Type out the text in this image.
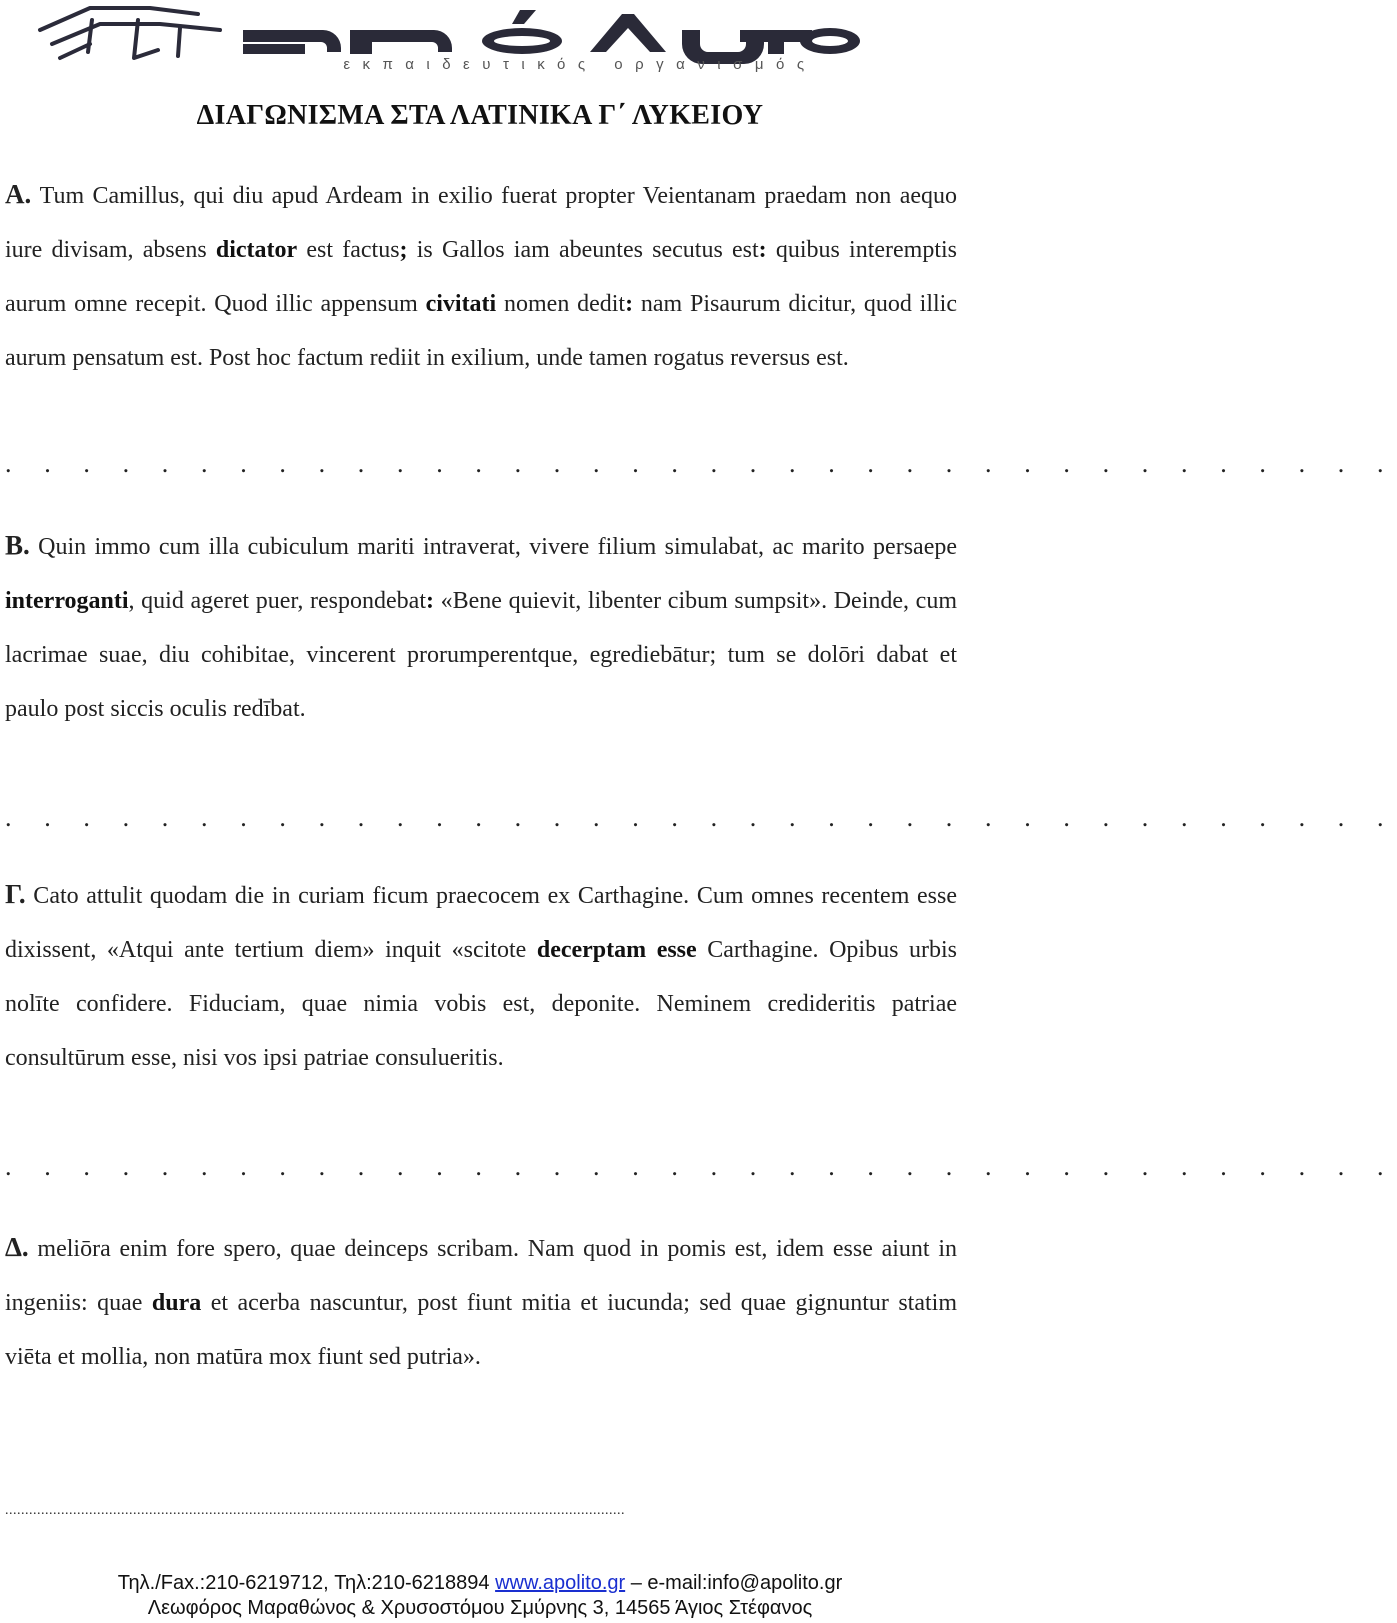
εκπαιδευτικός οργανισμός
ΔΙΑΓΩΝΙΣΜΑ ΣΤΑ ΛΑΤΙΝΙΚΑ Γ΄ ΛΥΚΕΙΟΥ

Α. Tum Camillus, qui diu apud Ardeam in exilio fuerat propter Veientanam praedam non aequo iure divisam, absens dictator est factus; is Gallos iam abeuntes secutus est: quibus interemptis aurum omne recepit. Quod illic appensum civitati nomen dedit: nam Pisaurum dicitur, quod illic aurum pensatum est. Post hoc factum rediit in exilium, unde tamen rogatus reversus est.

. . . . . . . . . . . . . . . . . . . . . . . . . . . . . . . . . . . .

Β. Quin immo cum illa cubiculum mariti intraverat, vivere filium simulabat, ac marito persaepe interroganti, quid ageret puer, respondebat: «Bene quievit, libenter cibum sumpsit». Deinde, cum lacrimae suae, diu cohibitae, vincerent prorumperentque, egrediebātur; tum se dolōri dabat et paulo post siccis oculis redībat.

. . . . . . . . . . . . . . . . . . . . . . . . . . . . . . . . . . . .

Γ. Cato attulit quodam die in curiam ficum praecocem ex Carthagine. Cum omnes recentem esse dixissent, «Atqui ante tertium diem» inquit «scitote decerptam esse Carthagine. Opibus urbis nolīte confidere. Fiduciam, quae nimia vobis est, deponite. Neminem credideritis patriae consultūrum esse, nisi vos ipsi patriae consulueritis.

. . . . . . . . . . . . . . . . . . . . . . . . . . . . . . . . . . . .

Δ. meliōra enim fore spero, quae deinceps scribam. Nam quod in pomis est, idem esse aiunt in ingeniis: quae dura et acerba nascuntur, post fiunt mitia et iucunda; sed quae gignuntur statim viēta et mollia, non matūra mox fiunt sed putria».

...........................................................................................................................................................
Τηλ./Fax.:210-6219712, Τηλ:210-6218894 www.apolito.gr – e-mail:info@apolito.gr
Λεωφόρος Μαραθώνος & Χρυσοστόμου Σμύρνης 3, 14565 Άγιος Στέφανος
